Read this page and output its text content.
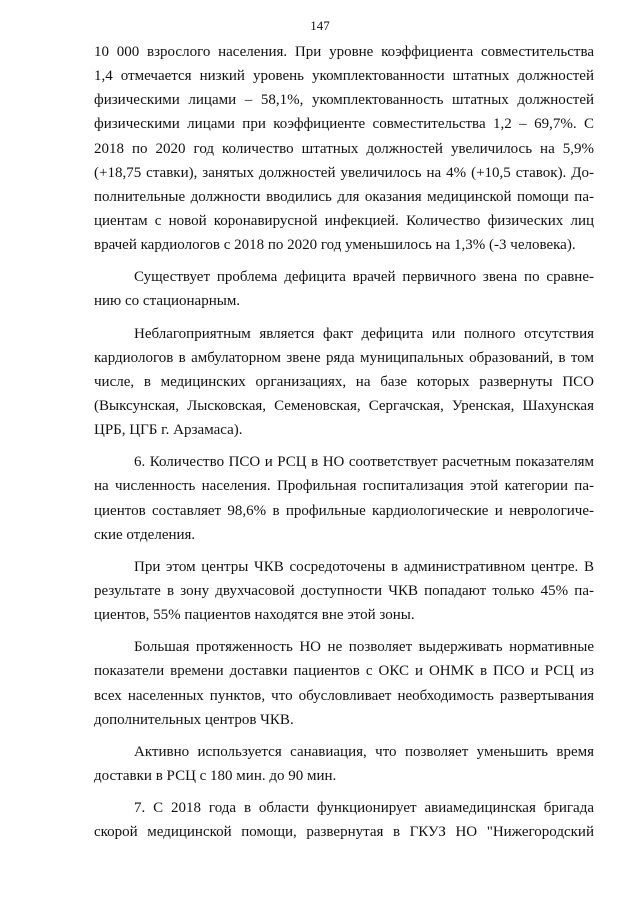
147
10 000 взрослого населения. При уровне коэффициента совместительства
1,4 отмечается низкий уровень укомплектованности штатных должностей
физическими лицами – 58,1%, укомплектованность штатных должностей
физическими лицами при коэффициенте совместительства 1,2 – 69,7%. С
2018 по 2020 год количество штатных должностей увеличилось на 5,9%
(+18,75 ставки), занятых должностей увеличилось на 4% (+10,5 ставок). До-
полнительные должности вводились для оказания медицинской помощи па-
циентам с новой коронавирусной инфекцией. Количество физических лиц
врачей кардиологов с 2018 по 2020 год уменьшилось на 1,3% (-3 человека).
Существует проблема дефицита врачей первичного звена по сравне-
нию со стационарным.
Неблагоприятным является факт дефицита или полного отсутствия
кардиологов в амбулаторном звене ряда муниципальных образований, в том
числе, в медицинских организациях, на базе которых развернуты ПСО
(Выксунская, Лысковская, Семеновская, Сергачская, Уренская, Шахунская
ЦРБ, ЦГБ г. Арзамаса).
6. Количество ПСО и РСЦ в НО соответствует расчетным показателям
на численность населения. Профильная госпитализация этой категории па-
циентов составляет 98,6% в профильные кардиологические и неврологиче-
ские отделения.
При этом центры ЧКВ сосредоточены в административном центре. В
результате в зону двухчасовой доступности ЧКВ попадают только 45% па-
циентов, 55% пациентов находятся вне этой зоны.
Большая протяженность НО не позволяет выдерживать нормативные
показатели времени доставки пациентов с ОКС и ОНМК в ПСО и РСЦ из
всех населенных пунктов, что обусловливает необходимость развертывания
дополнительных центров ЧКВ.
Активно используется санавиация, что позволяет уменьшить время
доставки в РСЦ с 180 мин. до 90 мин.
7. С 2018 года в области функционирует авиамедицинская бригада
скорой медицинской помощи, развернутая в ГКУЗ НО "Нижегородский
